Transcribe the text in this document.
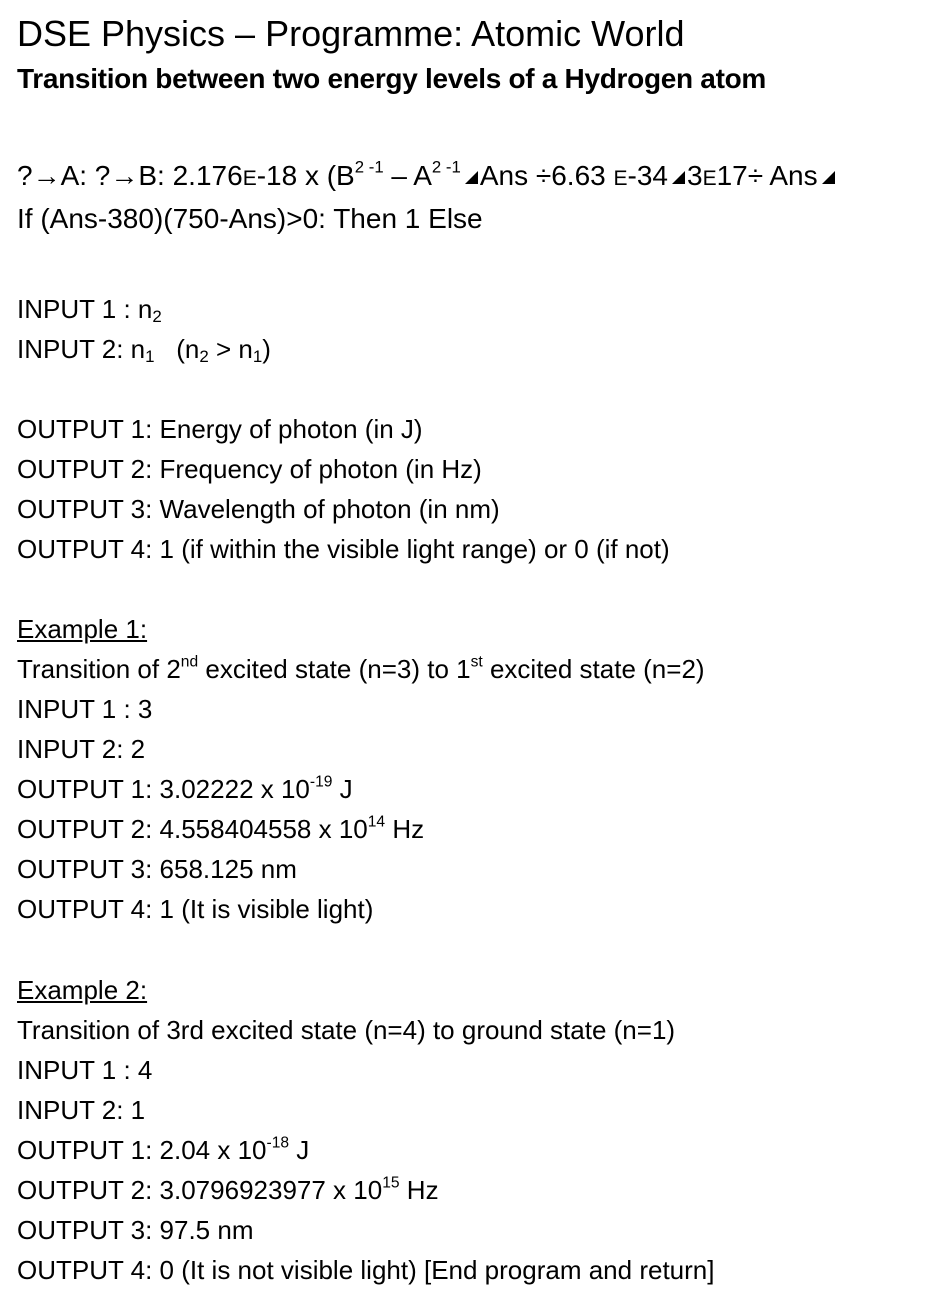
DSE Physics – Programme: Atomic World
Transition between two energy levels of a Hydrogen atom
?→A: ?→B: 2.176E-18 x ($B^{2 -1} - A^{2 -1}$ Ans ÷6.63 E-34 3E17÷ Ans
If (Ans-380)(750-Ans)>0: Then 1 Else
INPUT 1 : $n_2$
INPUT 2: $n_1$   $(n_2 > n_1)$
OUTPUT 1: Energy of photon (in J)
OUTPUT 2: Frequency of photon (in Hz)
OUTPUT 3: Wavelength of photon (in nm)
OUTPUT 4: 1 (if within the visible light range) or 0 (if not)
Example 1:
Transition of 2nd excited state (n=3) to 1st excited state (n=2)
INPUT 1 : 3
INPUT 2: 2
OUTPUT 1: 3.02222 x $10^{-19}$ J
OUTPUT 2: 4.558404558 x $10^{14}$ Hz
OUTPUT 3: 658.125 nm
OUTPUT 4: 1 (It is visible light)
Example 2:
Transition of 3rd excited state (n=4) to ground state (n=1)
INPUT 1 : 4
INPUT 2: 1
OUTPUT 1: 2.04 x $10^{-18}$ J
OUTPUT 2: 3.0796923977 x $10^{15}$ Hz
OUTPUT 3: 97.5 nm
OUTPUT 4: 0 (It is not visible light) [End program and return]
